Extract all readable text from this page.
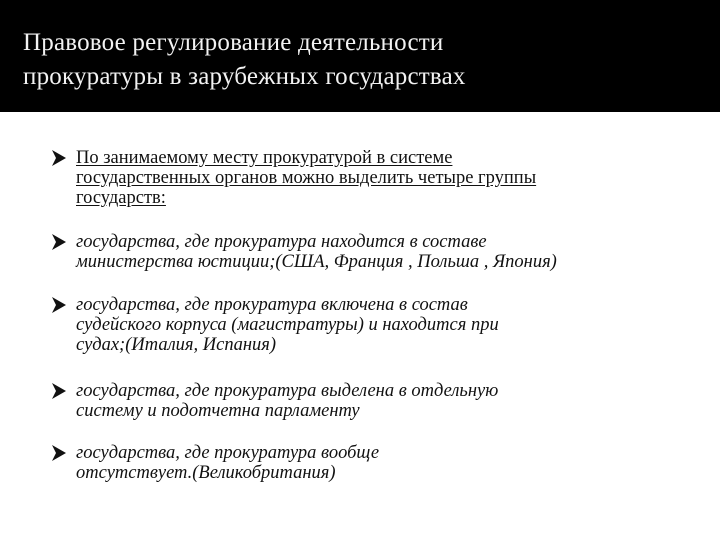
Правовое регулирование деятельности
прокуратуры в зарубежных государствах
По занимаемому месту прокуратурой в системе
государственных органов можно выделить четыре группы
государств:
государства, где прокуратура находится в составе
министерства юстиции;(США, Франция , Польша , Япония)
государства, где прокуратура включена в состав
судейского корпуса (магистратуры) и находится при
судах;(Италия, Испания)
государства, где прокуратура выделена в отдельную
систему и подотчетна парламенту
государства, где прокуратура вообще
отсутствует.(Великобритания)
